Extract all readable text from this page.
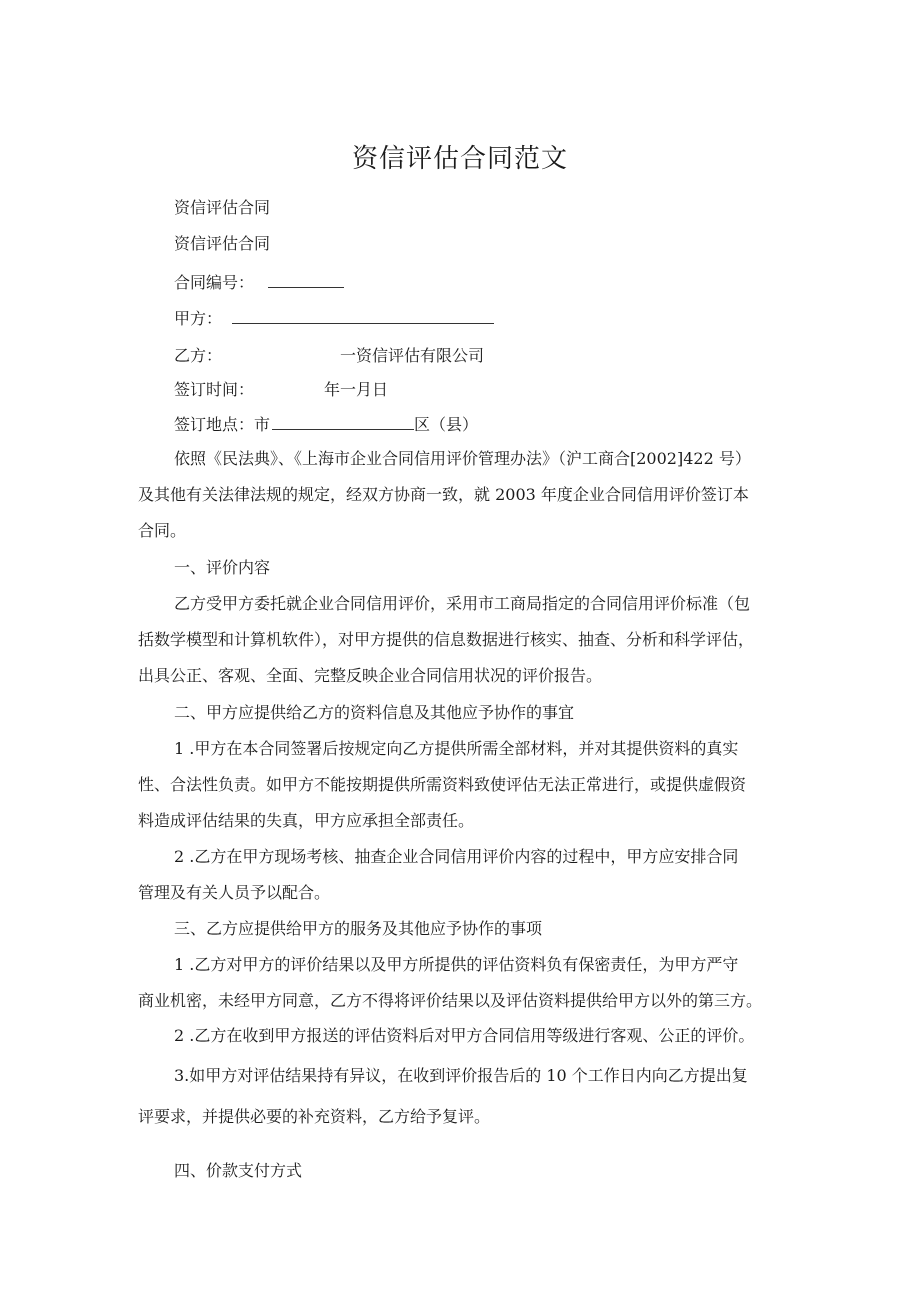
资信评估合同范文
资信评估合同
资信评估合同
合同编号：
甲方：
乙方：	一资信评估有限公司
签订时间：	年一月日
签订地点：市	区（县）
依照《民法典》、《上海市企业合同信用评价管理办法》（沪工商合[2002]422 号）
及其他有关法律法规的规定，经双方协商一致，就 2003 年度企业合同信用评价签订本
合同。
一、评价内容
乙方受甲方委托就企业合同信用评价，采用市工商局指定的合同信用评价标准（包
括数学模型和计算机软件），对甲方提供的信息数据进行核实、抽查、分析和科学评估，
出具公正、客观、全面、完整反映企业合同信用状况的评价报告。
二、甲方应提供给乙方的资料信息及其他应予协作的事宜
1 .甲方在本合同签署后按规定向乙方提供所需全部材料，并对其提供资料的真实
性、合法性负责。如甲方不能按期提供所需资料致使评估无法正常进行，或提供虚假资
料造成评估结果的失真，甲方应承担全部责任。
2 .乙方在甲方现场考核、抽查企业合同信用评价内容的过程中，甲方应安排合同
管理及有关人员予以配合。
三、乙方应提供给甲方的服务及其他应予协作的事项
1 .乙方对甲方的评价结果以及甲方所提供的评估资料负有保密责任，为甲方严守
商业机密，未经甲方同意，乙方不得将评价结果以及评估资料提供给甲方以外的第三方。
2 .乙方在收到甲方报送的评估资料后对甲方合同信用等级进行客观、公正的评价。
3.如甲方对评估结果持有异议，在收到评价报告后的 10 个工作日内向乙方提出复
评要求，并提供必要的补充资料，乙方给予复评。
四、价款支付方式
